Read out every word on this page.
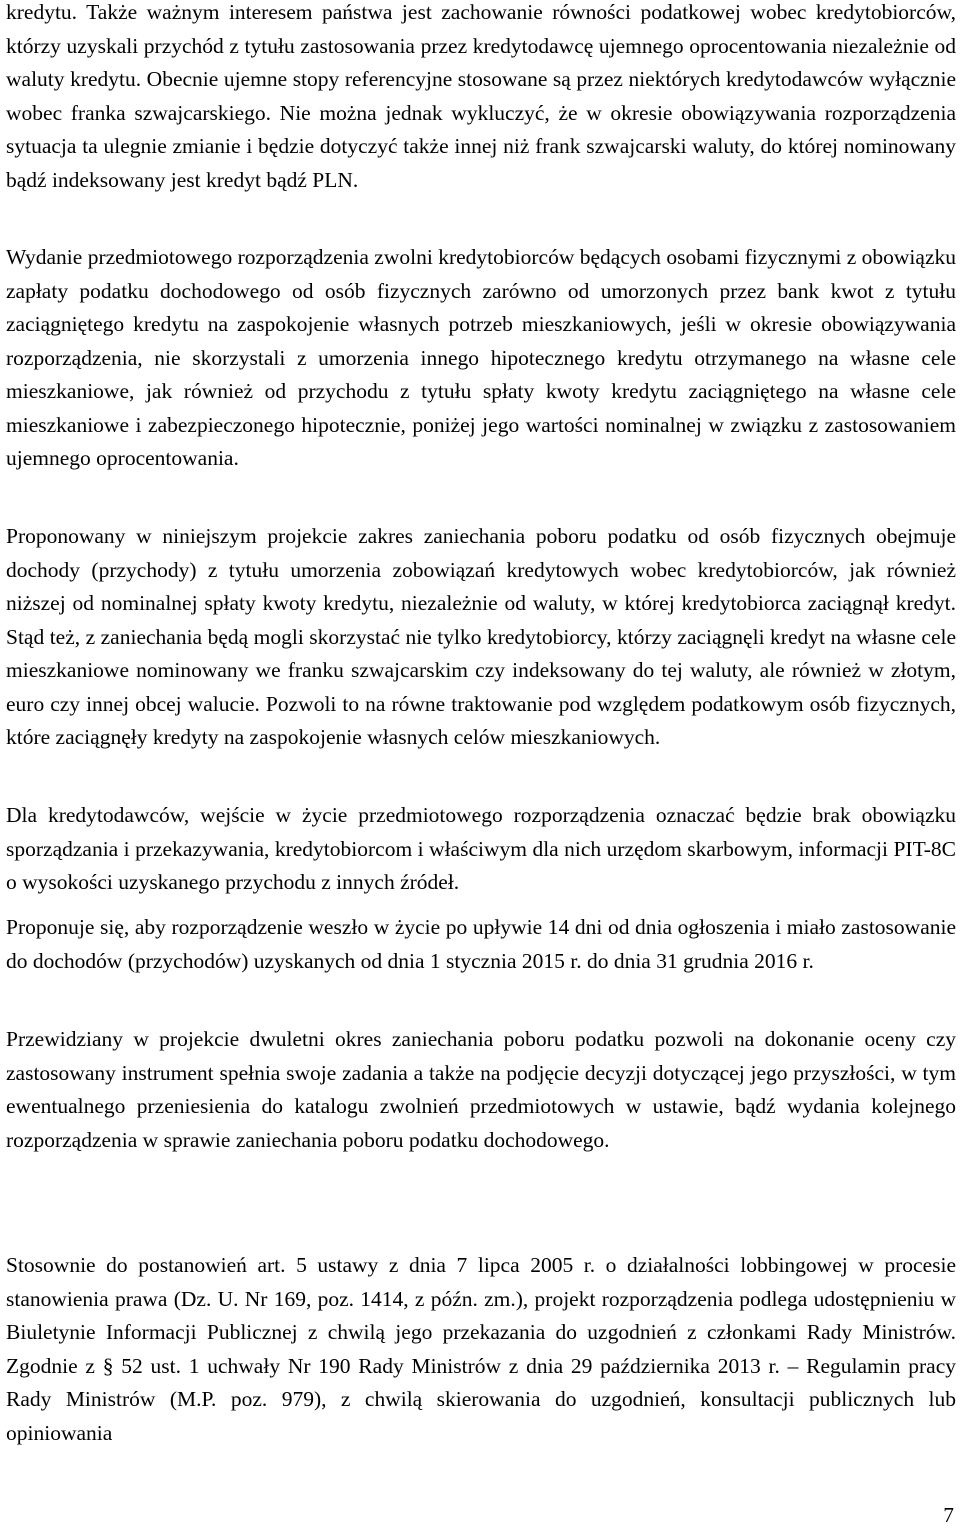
kredytu. Także ważnym interesem państwa jest zachowanie równości podatkowej wobec kredytobiorców, którzy uzyskali przychód z tytułu zastosowania przez kredytodawcę ujemnego oprocentowania niezależnie od waluty kredytu. Obecnie ujemne stopy referencyjne stosowane są przez niektórych kredytodawców wyłącznie wobec franka szwajcarskiego. Nie można jednak wykluczyć, że w okresie obowiązywania rozporządzenia sytuacja ta ulegnie zmianie i będzie dotyczyć także innej niż frank szwajcarski waluty, do której nominowany bądź indeksowany jest kredyt bądź PLN.

Wydanie przedmiotowego rozporządzenia zwolni kredytobiorców będących osobami fizycznymi z obowiązku zapłaty podatku dochodowego od osób fizycznych zarówno od umorzonych przez bank kwot z tytułu zaciągniętego kredytu na zaspokojenie własnych potrzeb mieszkaniowych, jeśli w okresie obowiązywania rozporządzenia, nie skorzystali z umorzenia innego hipotecznego kredytu otrzymanego na własne cele mieszkaniowe, jak również od przychodu z tytułu spłaty kwoty kredytu zaciągniętego na własne cele mieszkaniowe i zabezpieczonego hipotecznie, poniżej jego wartości nominalnej w związku z zastosowaniem ujemnego oprocentowania.

Proponowany w niniejszym projekcie zakres zaniechania poboru podatku od osób fizycznych obejmuje dochody (przychody) z tytułu umorzenia zobowiązań kredytowych wobec kredytobiorców, jak również niższej od nominalnej spłaty kwoty kredytu, niezależnie od waluty, w której kredytobiorca zaciągnął kredyt. Stąd też, z zaniechania będą mogli skorzystać nie tylko kredytobiorcy, którzy zaciągnęli kredyt na własne cele mieszkaniowe nominowany we franku szwajcarskim czy indeksowany do tej waluty, ale również w złotym, euro czy innej obcej walucie. Pozwoli to na równe traktowanie pod względem podatkowym osób fizycznych, które zaciągnęły kredyty na zaspokojenie własnych celów mieszkaniowych.

Dla kredytodawców, wejście w życie przedmiotowego rozporządzenia oznaczać będzie brak obowiązku sporządzania i przekazywania, kredytobiorcom i właściwym dla nich urzędom skarbowym, informacji PIT-8C o wysokości uzyskanego przychodu z innych źródeł.

Proponuje się, aby rozporządzenie weszło w życie po upływie 14 dni od dnia ogłoszenia i miało zastosowanie do dochodów (przychodów) uzyskanych od dnia 1 stycznia 2015 r. do dnia 31 grudnia 2016 r.

Przewidziany w projekcie dwuletni okres zaniechania poboru podatku pozwoli na dokonanie oceny czy zastosowany instrument spełnia swoje zadania a także na podjęcie decyzji dotyczącej jego przyszłości, w tym ewentualnego przeniesienia do katalogu zwolnień przedmiotowych w ustawie, bądź wydania kolejnego rozporządzenia w sprawie zaniechania poboru podatku dochodowego.

Stosownie do postanowień art. 5 ustawy z dnia 7 lipca 2005 r. o działalności lobbingowej w procesie stanowienia prawa (Dz. U. Nr 169, poz. 1414, z późn. zm.), projekt rozporządzenia podlega udostępnieniu w Biuletynie Informacji Publicznej z chwilą jego przekazania do uzgodnień z członkami Rady Ministrów. Zgodnie z § 52 ust. 1 uchwały Nr 190 Rady Ministrów z dnia 29 października 2013 r. – Regulamin pracy Rady Ministrów (M.P. poz. 979), z chwilą skierowania do uzgodnień, konsultacji publicznych lub opiniowania

7
